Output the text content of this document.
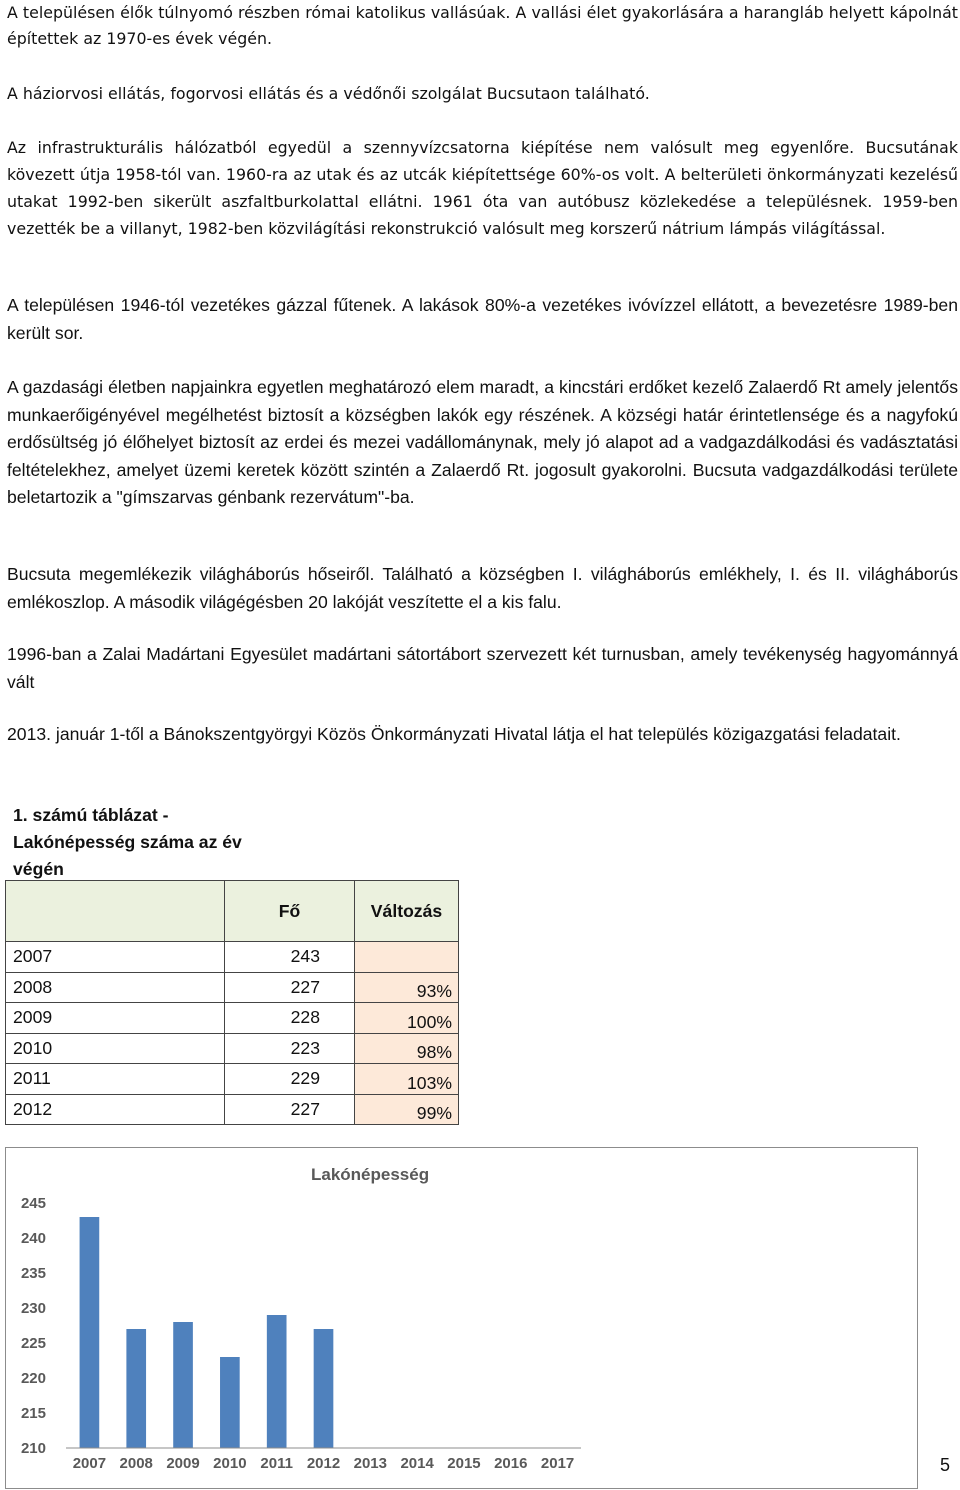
A településen élők túlnyomó részben római katolikus vallásúak. A vallási élet gyakorlására a harangláb helyett kápolnát építettek az 1970-es évek végén.

A háziorvosi ellátás, fogorvosi ellátás és a védőnői szolgálat Bucsutaon található.

Az infrastrukturális hálózatból egyedül a szennyvízcsatorna kiépítése nem valósult meg egyenlőre. Bucsutának kövezett útja 1958-tól van. 1960-ra az utak és az utcák kiépítettsége 60%-os volt. A belterületi önkormányzati kezelésű utakat 1992-ben sikerült aszfaltburkolattal ellátni. 1961 óta van autóbusz közlekedése a településnek. 1959-ben vezették be a villanyt, 1982-ben közvilágítási rekonstrukció valósult meg korszerű nátrium lámpás világítással.

A településen 1946-tól vezetékes gázzal fűtenek. A lakások 80%-a vezetékes ivóvízzel ellátott, a bevezetésre 1989-ben került sor.

A gazdasági életben napjainkra egyetlen meghatározó elem maradt, a kincstári erdőket kezelő Zalaerdő Rt amely jelentős munkaerőigényével megélhetést biztosít a községben lakók egy részének. A községi határ érintetlensége és a nagyfokú erdősültség jó élőhelyet biztosít az erdei és mezei vadállománynak, mely jó alapot ad a vadgazdálkodási és vadásztatási feltételekhez, amelyet üzemi keretek között szintén a Zalaerdő Rt. jogosult gyakorolni. Bucsuta vadgazdálkodási területe beletartozik a "gímszarvas génbank rezervátum"-ba.

Bucsuta megemlékezik világháborús hőseiről. Található a községben I. világháborús emlékhely, I. és II. világháborús emlékoszlop. A második világégésben 20 lakóját veszítette el a kis falu.

1996-ban a Zalai Madártani Egyesület madártani sátortábort szervezett két turnusban, amely tevékenység hagyománnyá vált

2013. január 1-től a Bánokszentgyörgyi Közös Önkormányzati Hivatal látja el hat település közigazgatási feladatait.

1. számú táblázat - Lakónépesség száma az év végén
	Fő	Változás
2007	243	
2008	227	93%
2009	228	100%
2010	223	98%
2011	229	103%
2012	227	99%
Lakónépesség
210
215
220
225
230
235
240
245
2007 2008 2009 2010 2011 2012 2013 2014 2015 2016 2017	5
